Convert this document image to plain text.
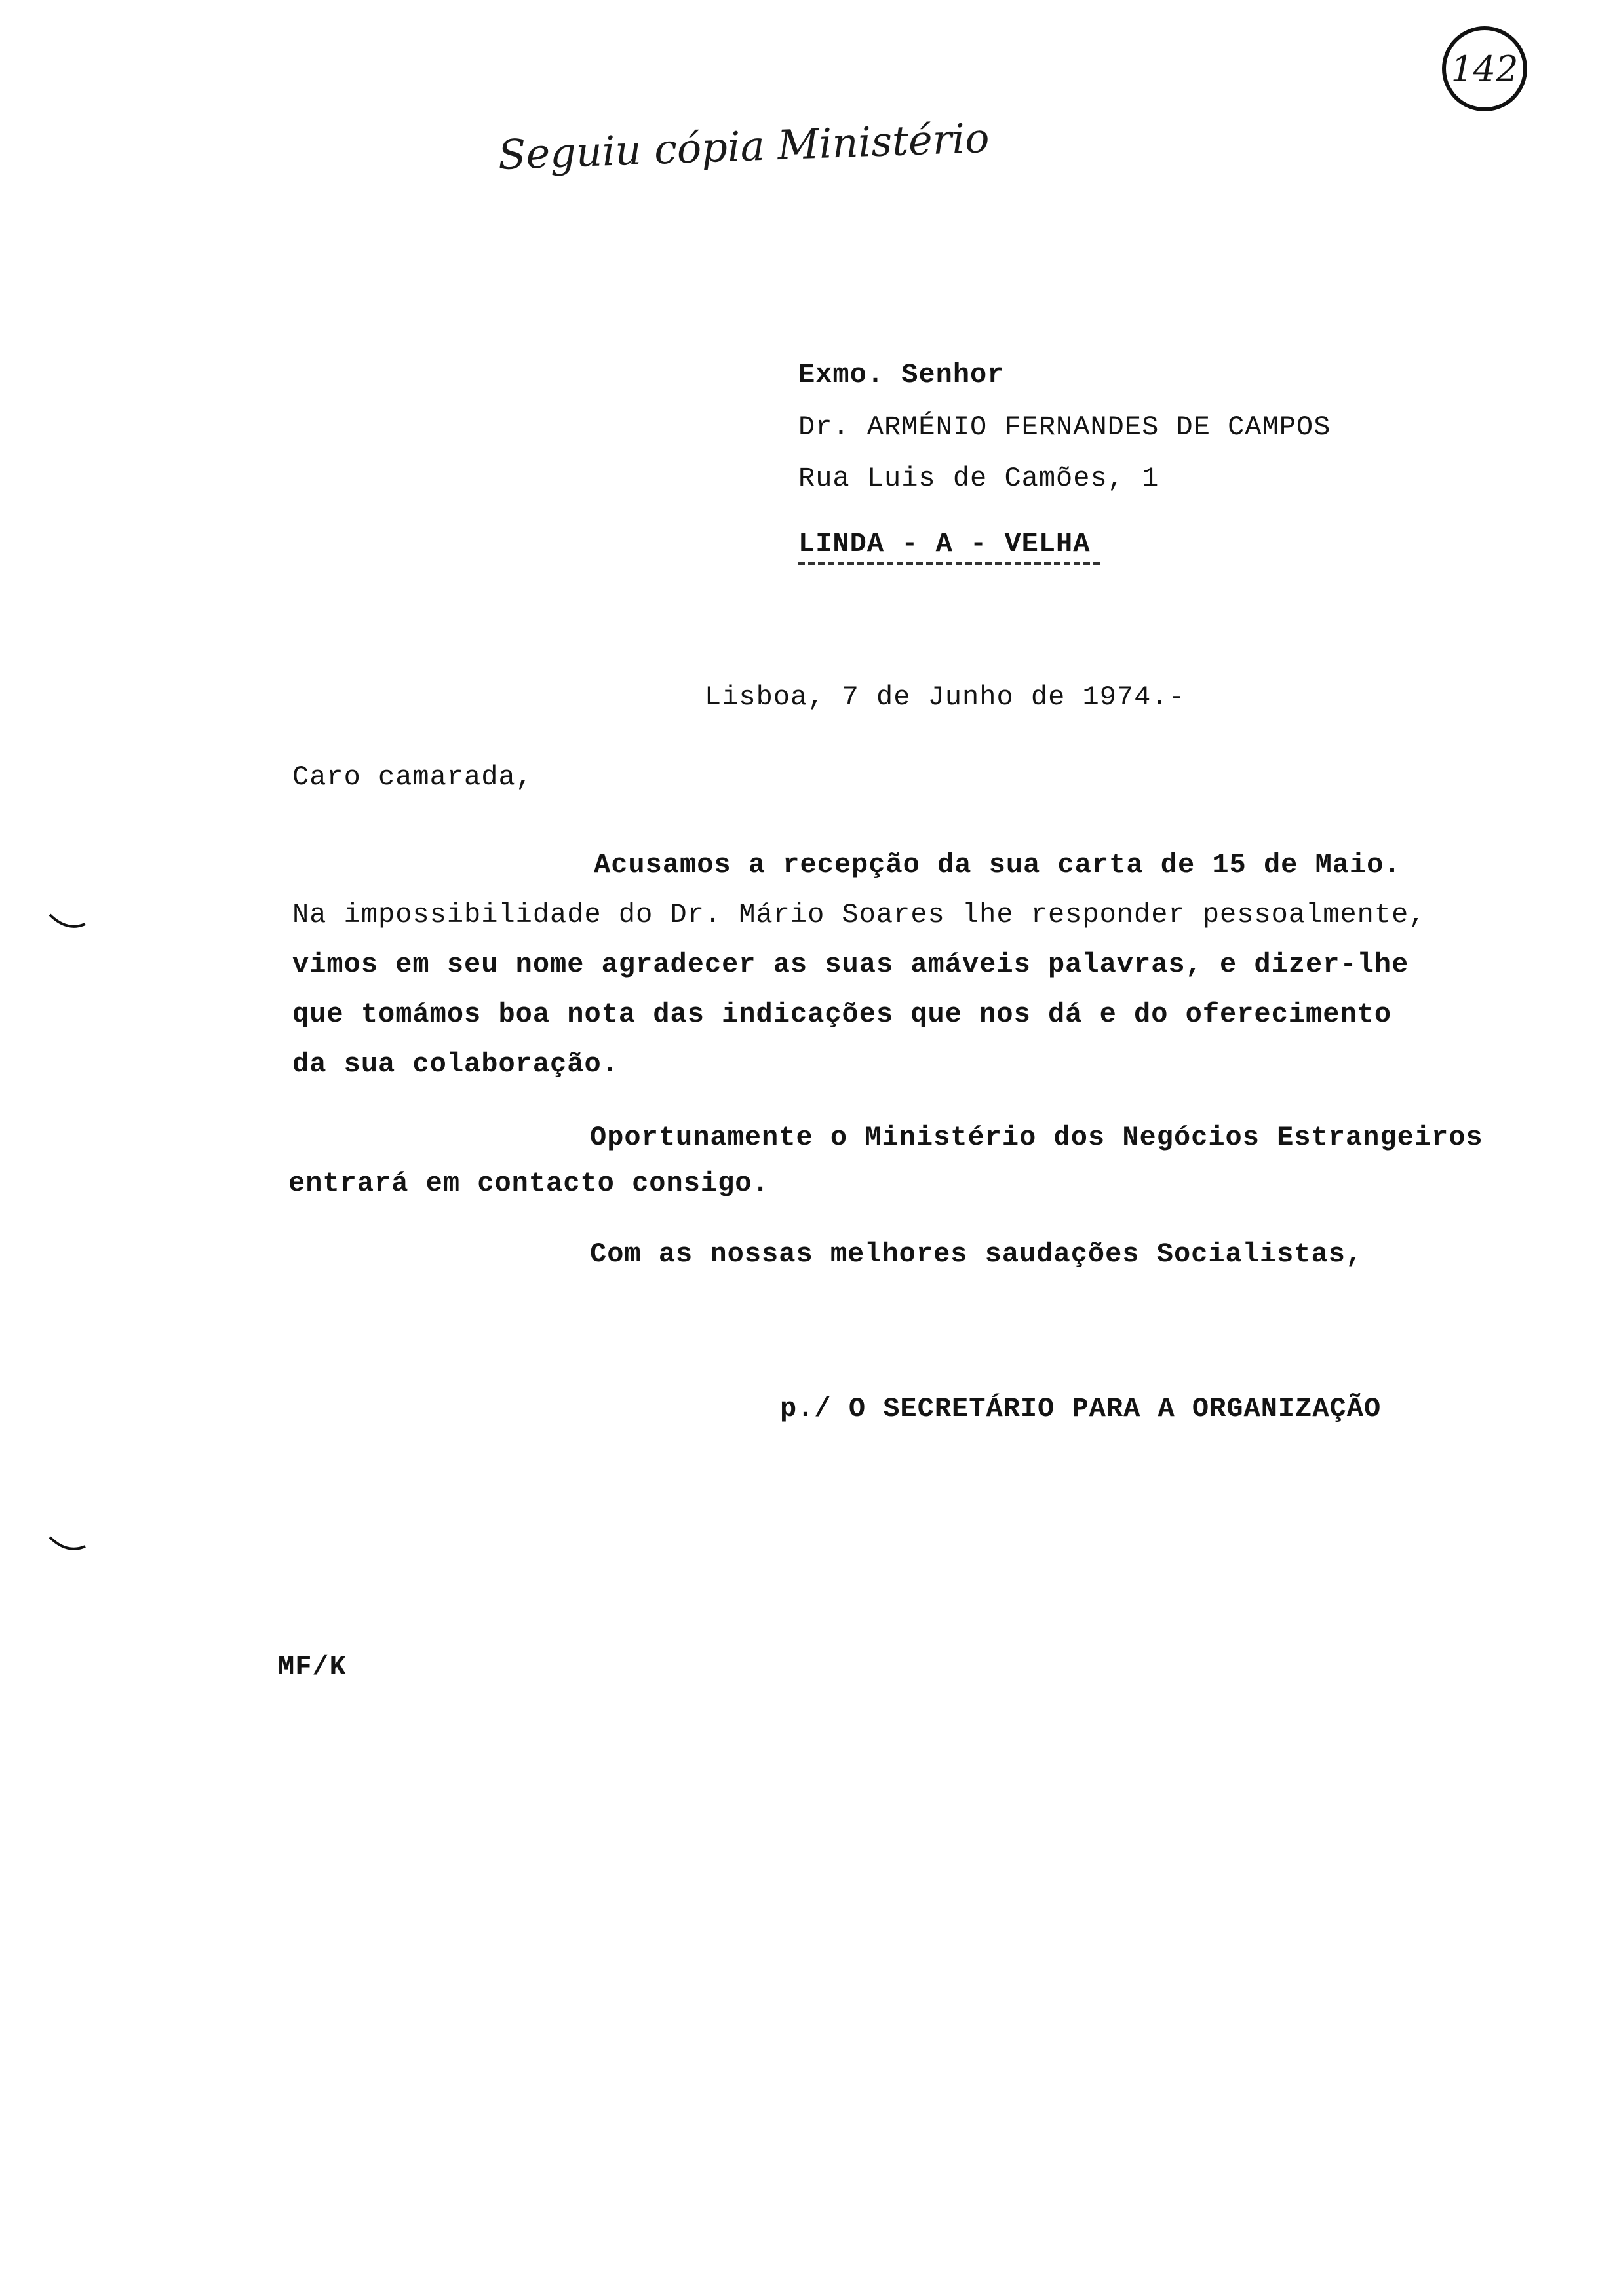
Seguiu cópia Ministério
142
Exmo. Senhor
Dr. ARMÉNIO FERNANDES DE CAMPOS
Rua Luis de Camões, 1
LINDA - A - VELHA
Lisboa, 7 de Junho de 1974.-
Caro camarada,
Acusamos a recepção da sua carta de 15 de Maio.
Na impossibilidade do Dr. Mário Soares lhe responder pessoalmente,
vimos em seu nome agradecer as suas amáveis palavras, e dizer-lhe
que tomámos boa nota das indicações que nos dá e do oferecimento
da sua colaboração.
Oportunamente o Ministério dos Negócios Estrangeiros
entrará em contacto consigo.
Com as nossas melhores saudações Socialistas,
p./ O SECRETÁRIO PARA A ORGANIZAÇÃO
MF/K
